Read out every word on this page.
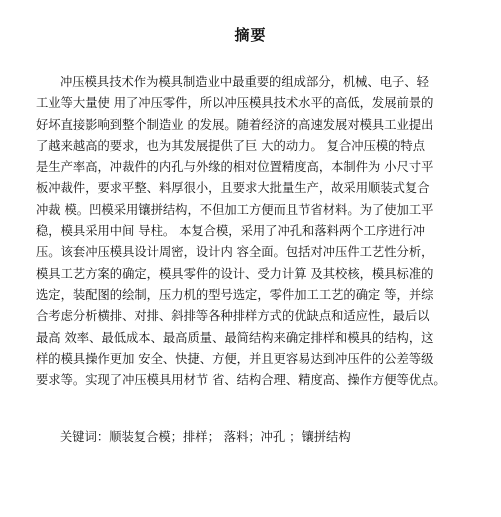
摘要
冲压模具技术作为模具制造业中最重要的组成部分，机械、电子、轻
工业等大量使 用了冲压零件，所以冲压模具技术水平的高低，发展前景的
好坏直接影响到整个制造业 的发展。随着经济的高速发展对模具工业提出
了越来越高的要求，也为其发展提供了巨 大的动力。 复合冲压模的特点
是生产率高，冲裁件的内孔与外缘的相对位置精度高，本制件为 小尺寸平
板冲裁件，要求平整、料厚很小，且要求大批量生产，故采用顺装式复合
冲裁 模。凹模采用镶拼结构，不但加工方便而且节省材料。为了使加工平
稳，模具采用中间 导柱。 本复合模，采用了冲孔和落料两个工序进行冲
压。该套冲压模具设计周密，设计内 容全面。包括对冲压件工艺性分析，
模具工艺方案的确定，模具零件的设计、受力计算 及其校核，模具标准的
选定，装配图的绘制，压力机的型号选定，零件加工工艺的确定 等，并综
合考虑分析横排、对排、斜排等各种排样方式的优缺点和适应性，最后以
最高 效率、最低成本、最高质量、最简结构来确定排样和模具的结构，这
样的模具操作更加 安全、快捷、方便，并且更容易达到冲压件的公差等级
要求等。实现了冲压模具用材节 省、结构合理、精度高、操作方便等优点。
关键词：顺装复合模；排样； 落料；冲孔 ；镶拼结构
